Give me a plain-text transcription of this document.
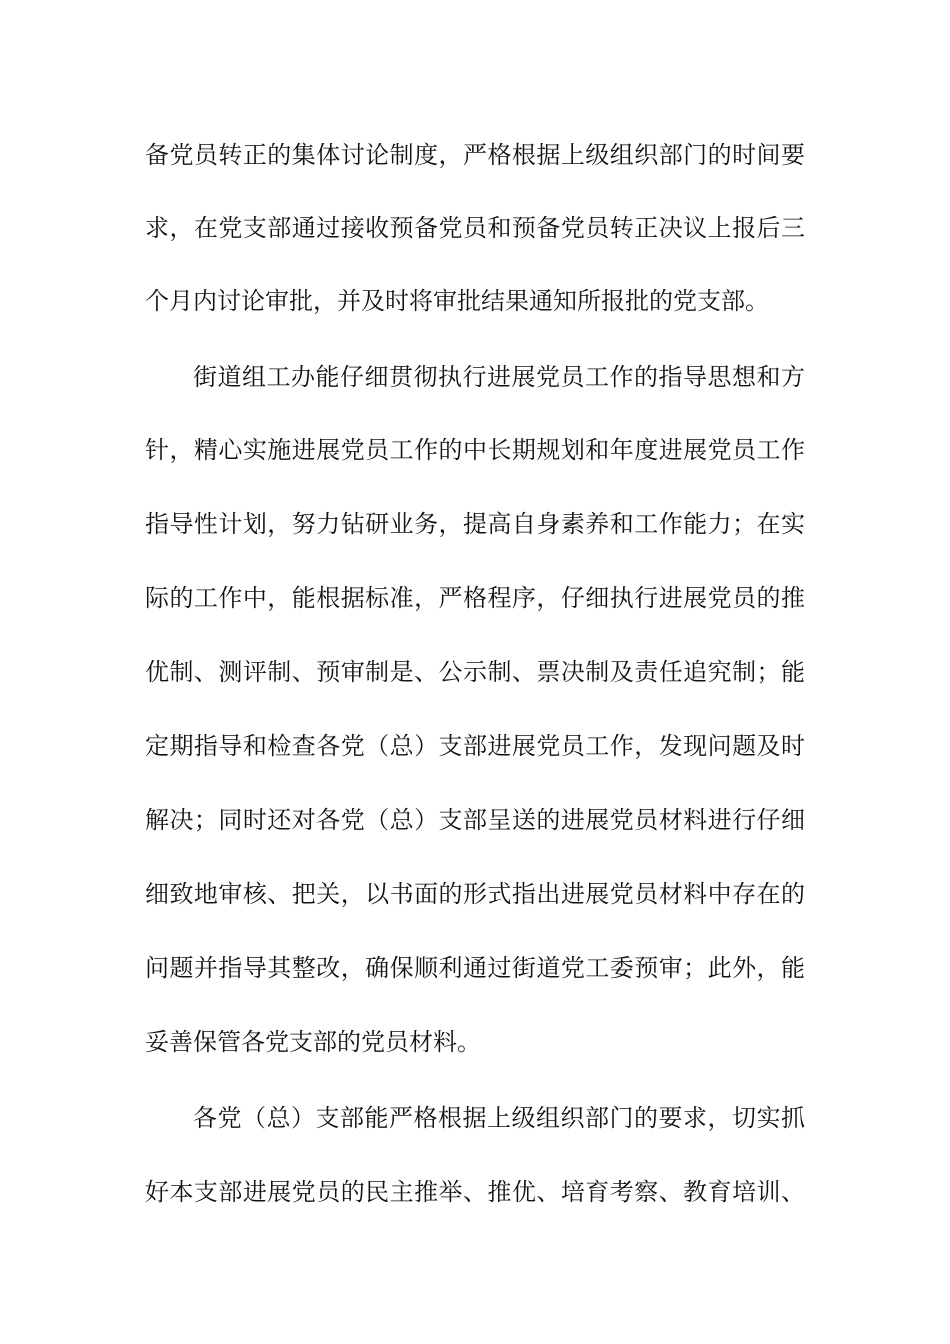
备党员转正的集体讨论制度，严格根据上级组织部门的时间要
求，在党支部通过接收预备党员和预备党员转正决议上报后三
个月内讨论审批，并及时将审批结果通知所报批的党支部。
街道组工办能仔细贯彻执行进展党员工作的指导思想和方
针，精心实施进展党员工作的中长期规划和年度进展党员工作
指导性计划，努力钻研业务，提高自身素养和工作能力；在实
际的工作中，能根据标准，严格程序，仔细执行进展党员的推
优制、测评制、预审制是、公示制、票决制及责任追究制；能
定期指导和检查各党（总）支部进展党员工作，发现问题及时
解决；同时还对各党（总）支部呈送的进展党员材料进行仔细
细致地审核、把关，以书面的形式指出进展党员材料中存在的
问题并指导其整改，确保顺利通过街道党工委预审；此外，能
妥善保管各党支部的党员材料。
各党（总）支部能严格根据上级组织部门的要求，切实抓
好本支部进展党员的民主推举、推优、培育考察、教育培训、
